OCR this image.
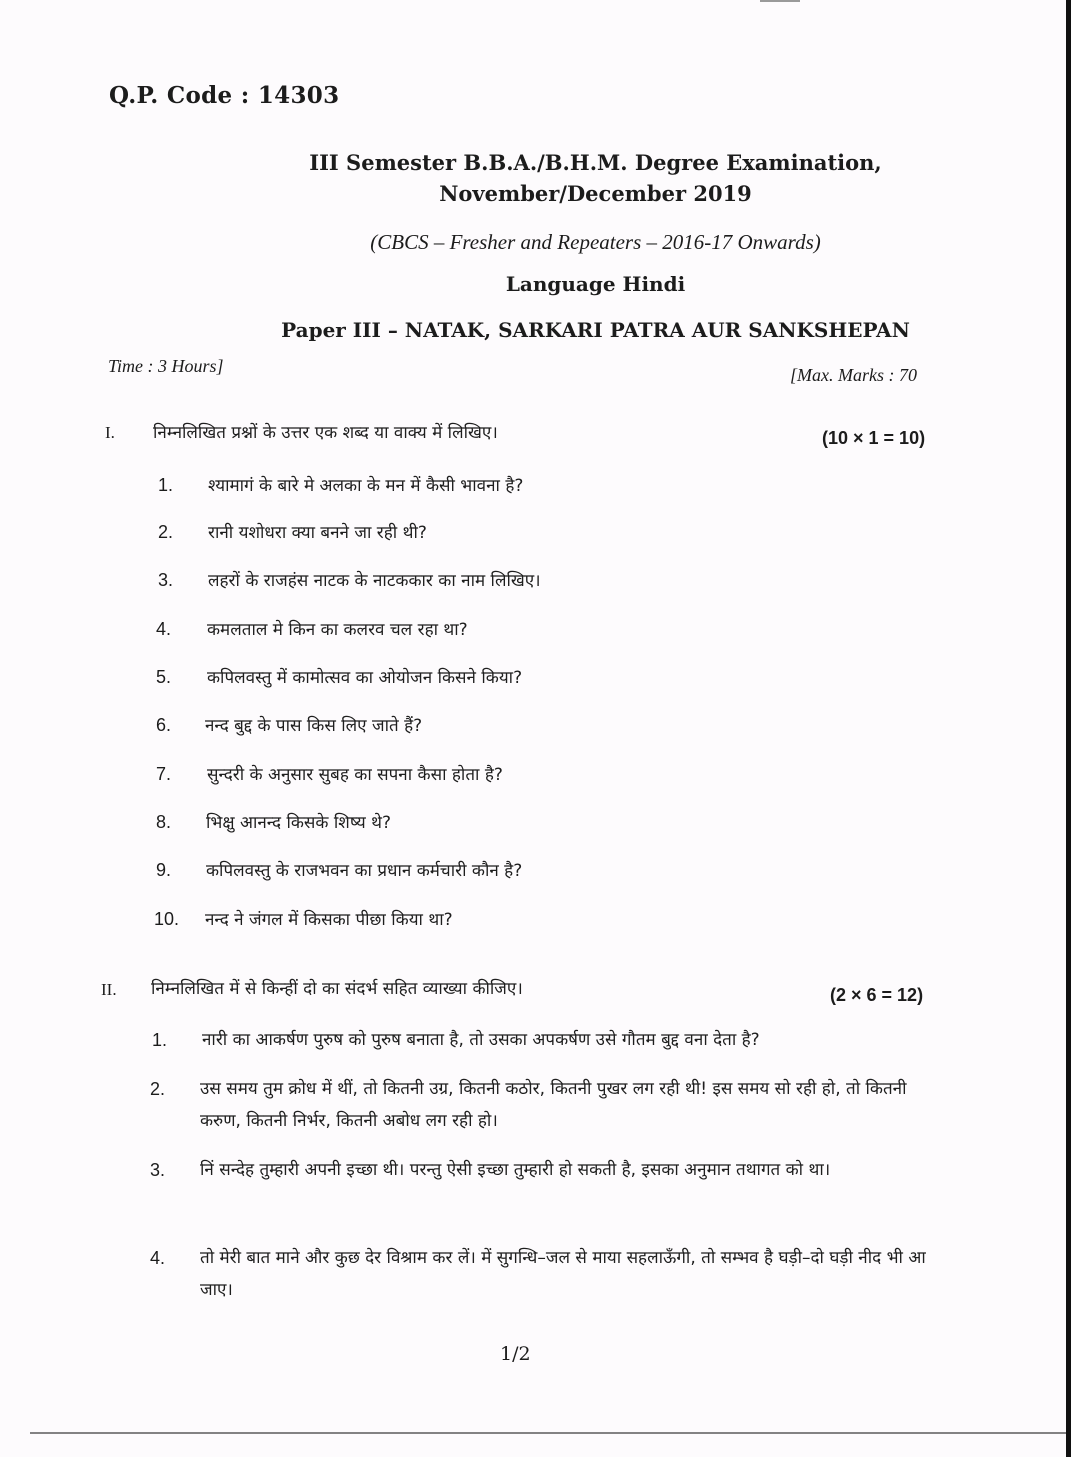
Q.P. Code : 14303
III Semester B.B.A./B.H.M. Degree Examination,
November/December 2019
(CBCS – Fresher and Repeaters – 2016-17 Onwards)
Language Hindi
Paper III – NATAK, SARKARI PATRA AUR SANKSHEPAN
Time : 3 Hours]	[Max. Marks : 70
I. निम्नलिखित प्रश्नों के उत्तर एक शब्द या वाक्य में लिखिए।	(10 × 1 = 10)
1. श्यामागं के बारे मे अलका के मन में कैसी भावना है?
2. रानी यशोधरा क्या बनने जा रही थी?
3. लहरों के राजहंस नाटक के नाटककार का नाम लिखिए।
4. कमलताल मे किन का कलरव चल रहा था?
5. कपिलवस्तु में कामोत्सव का ओयोजन किसने किया?
6. नन्द बुद्द के पास किस लिए जाते हैं?
7. सुन्दरी के अनुसार सुबह का सपना कैसा होता है?
8. भिक्षु आनन्द किसके शिष्य थे?
9. कपिलवस्तु के राजभवन का प्रधान कर्मचारी कौन है?
10. नन्द ने जंगल में किसका पीछा किया था?
II. निम्नलिखित में से किन्हीं दो का संदर्भ सहित व्याख्या कीजिए।	(2 × 6 = 12)
1. नारी का आकर्षण पुरुष को पुरुष बनाता है, तो उसका अपकर्षण उसे गौतम बुद्द वना देता है?
2. उस समय तुम क्रोध में थीं, तो कितनी उग्र, कितनी कठोर, कितनी पुखर लग रही थी! इस समय सो रही हो, तो कितनी करुण, कितनी निर्भर, कितनी अबोध लग रही हो।
3. निं सन्देह तुम्हारी अपनी इच्छा थी। परन्तु ऐसी इच्छा तुम्हारी हो सकती है, इसका अनुमान तथागत को था।
4. तो मेरी बात माने और कुछ देर विश्राम कर लें। में सुगन्धि–जल से माया सहलाऊँगी, तो सम्भव है घड़ी–दो घड़ी नीद भी आ जाए।
1/2
